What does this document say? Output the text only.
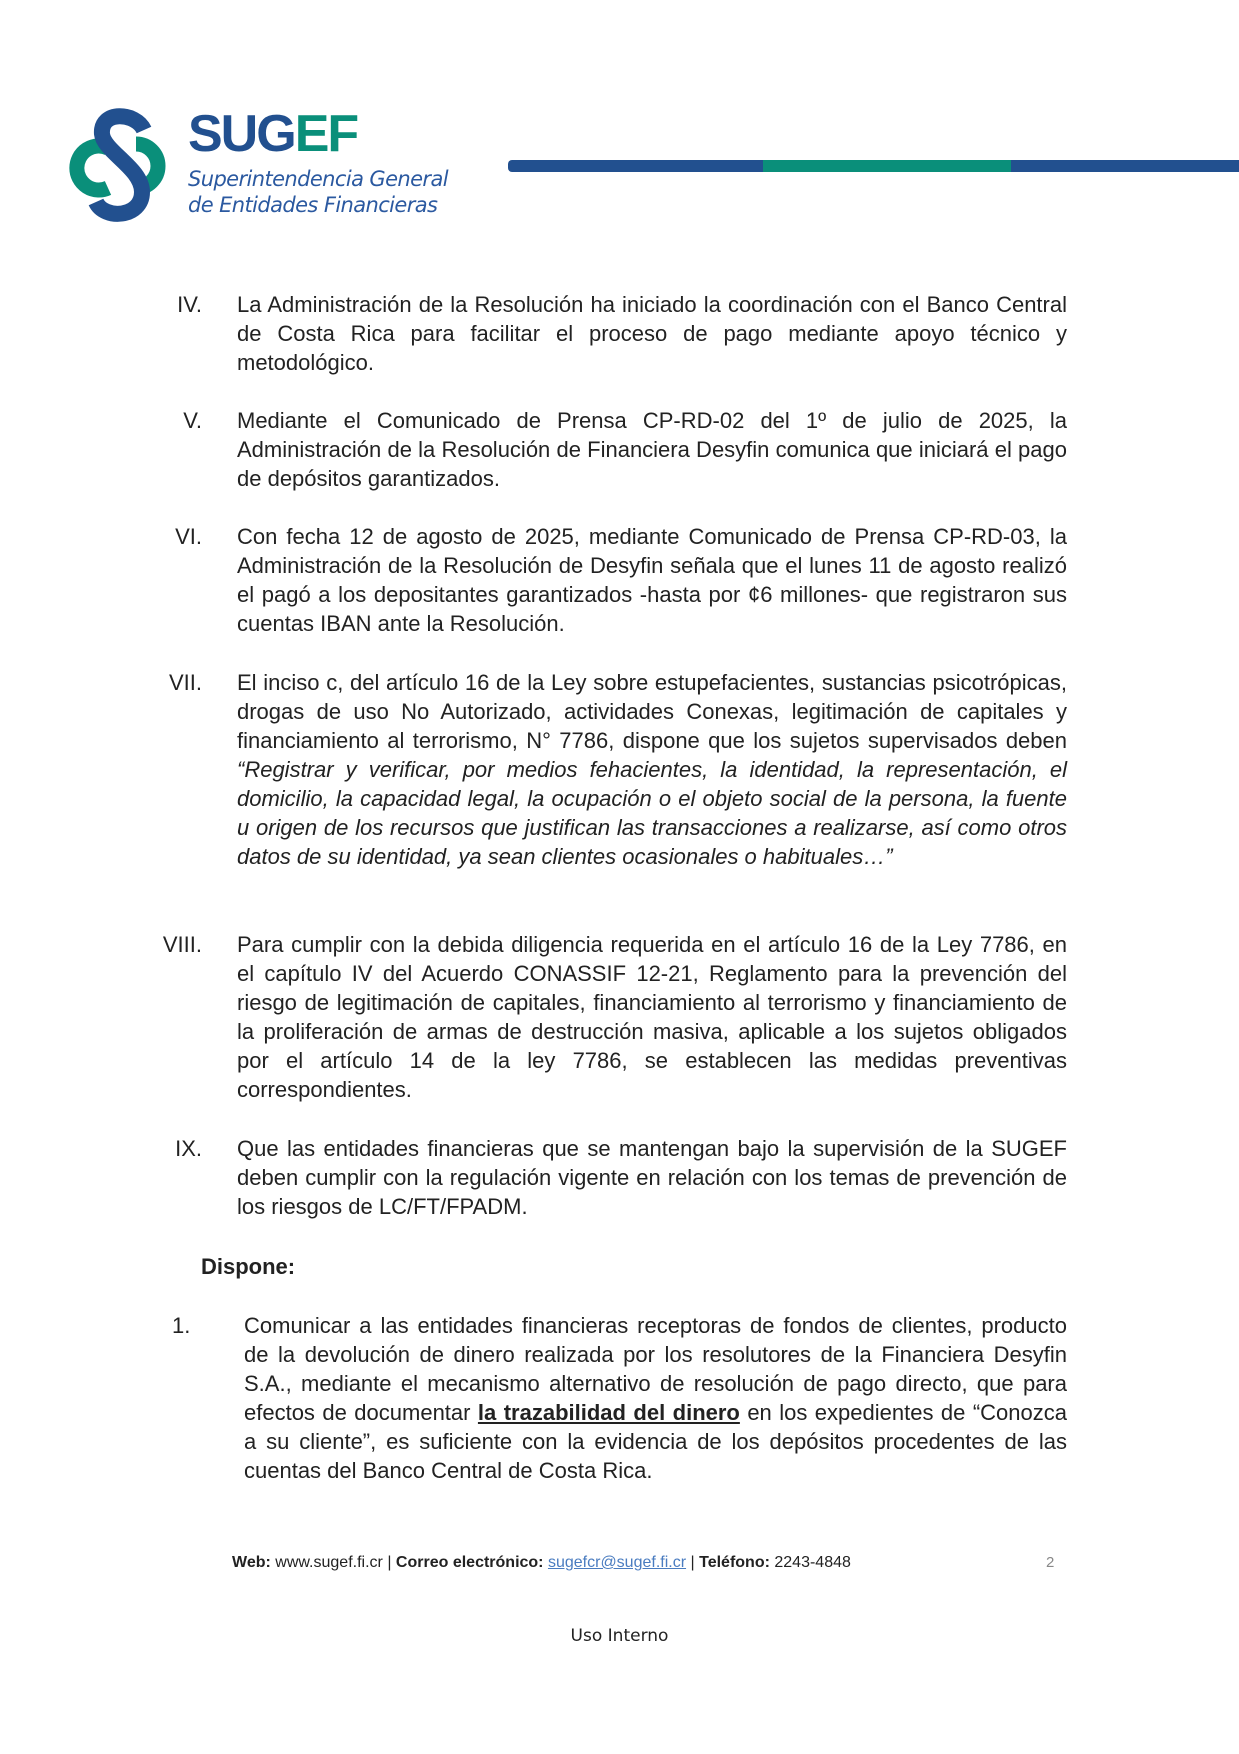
SUGEF
Superintendencia General
de Entidades Financieras
IV. La Administración de la Resolución ha iniciado la coordinación con el Banco Central de Costa Rica para facilitar el proceso de pago mediante apoyo técnico y metodológico.
V. Mediante el Comunicado de Prensa CP-RD-02 del 1º de julio de 2025, la Administración de la Resolución de Financiera Desyfin comunica que iniciará el pago de depósitos garantizados.
VI. Con fecha 12 de agosto de 2025, mediante Comunicado de Prensa CP-RD-03, la Administración de la Resolución de Desyfin señala que el lunes 11 de agosto realizó el pagó a los depositantes garantizados -hasta por ¢6 millones- que registraron sus cuentas IBAN ante la Resolución.
VII. El inciso c, del artículo 16 de la Ley sobre estupefacientes, sustancias psicotrópicas, drogas de uso No Autorizado, actividades Conexas, legitimación de capitales y financiamiento al terrorismo, N° 7786, dispone que los sujetos supervisados deben “Registrar y verificar, por medios fehacientes, la identidad, la representación, el domicilio, la capacidad legal, la ocupación o el objeto social de la persona, la fuente u origen de los recursos que justifican las transacciones a realizarse, así como otros datos de su identidad, ya sean clientes ocasionales o habituales…”
VIII. Para cumplir con la debida diligencia requerida en el artículo 16 de la Ley 7786, en el capítulo IV del Acuerdo CONASSIF 12-21, Reglamento para la prevención del riesgo de legitimación de capitales, financiamiento al terrorismo y financiamiento de la proliferación de armas de destrucción masiva, aplicable a los sujetos obligados por el artículo 14 de la ley 7786, se establecen las medidas preventivas correspondientes.
IX. Que las entidades financieras que se mantengan bajo la supervisión de la SUGEF deben cumplir con la regulación vigente en relación con los temas de prevención de los riesgos de LC/FT/FPADM.
Dispone:
1. Comunicar a las entidades financieras receptoras de fondos de clientes, producto de la devolución de dinero realizada por los resolutores de la Financiera Desyfin S.A., mediante el mecanismo alternativo de resolución de pago directo, que para efectos de documentar la trazabilidad del dinero en los expedientes de “Conozca a su cliente”, es suficiente con la evidencia de los depósitos procedentes de las cuentas del Banco Central de Costa Rica.
Web: www.sugef.fi.cr | Correo electrónico: sugefcr@sugef.fi.cr | Teléfono: 2243-4848	2
Uso Interno
